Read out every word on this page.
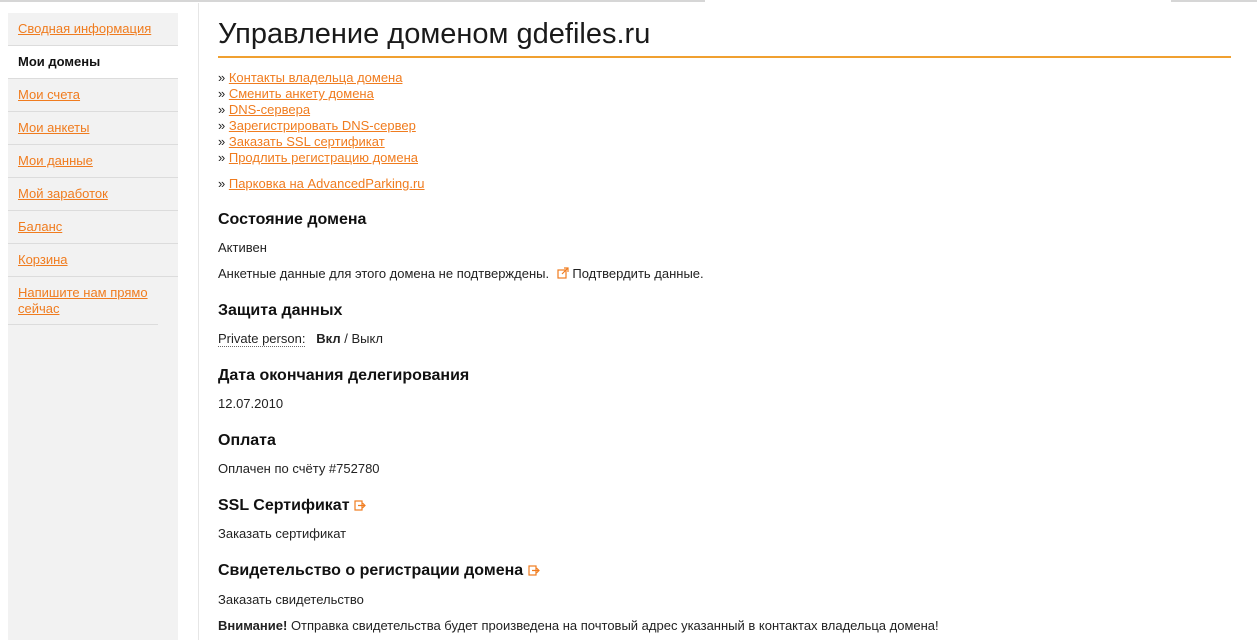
Сводная информация
Мои домены
Мои счета
Мои анкеты
Мои данные
Мой заработок
Баланс
Корзина
Напишите нам прямо сейчас
Управление доменом gdefiles.ru
» Контакты владельца домена
» Сменить анкету домена
» DNS-сервера
» Зарегистрировать DNS-сервер
» Заказать SSL сертификат
» Продлить регистрацию домена
» Парковка на AdvancedParking.ru
Состояние домена
Активен
Анкетные данные для этого домена не подтверждены. Подтвердить данные.
Защита данных
Private person: Вкл / Выкл
Дата окончания делегирования
12.07.2010
Оплата
Оплачен по счёту #752780
SSL Сертификат
Заказать сертификат
Свидетельство о регистрации домена
Заказать свидетельство
Внимание! Отправка свидетельства будет произведена на почтовый адрес указанный в контактах владельца домена!
